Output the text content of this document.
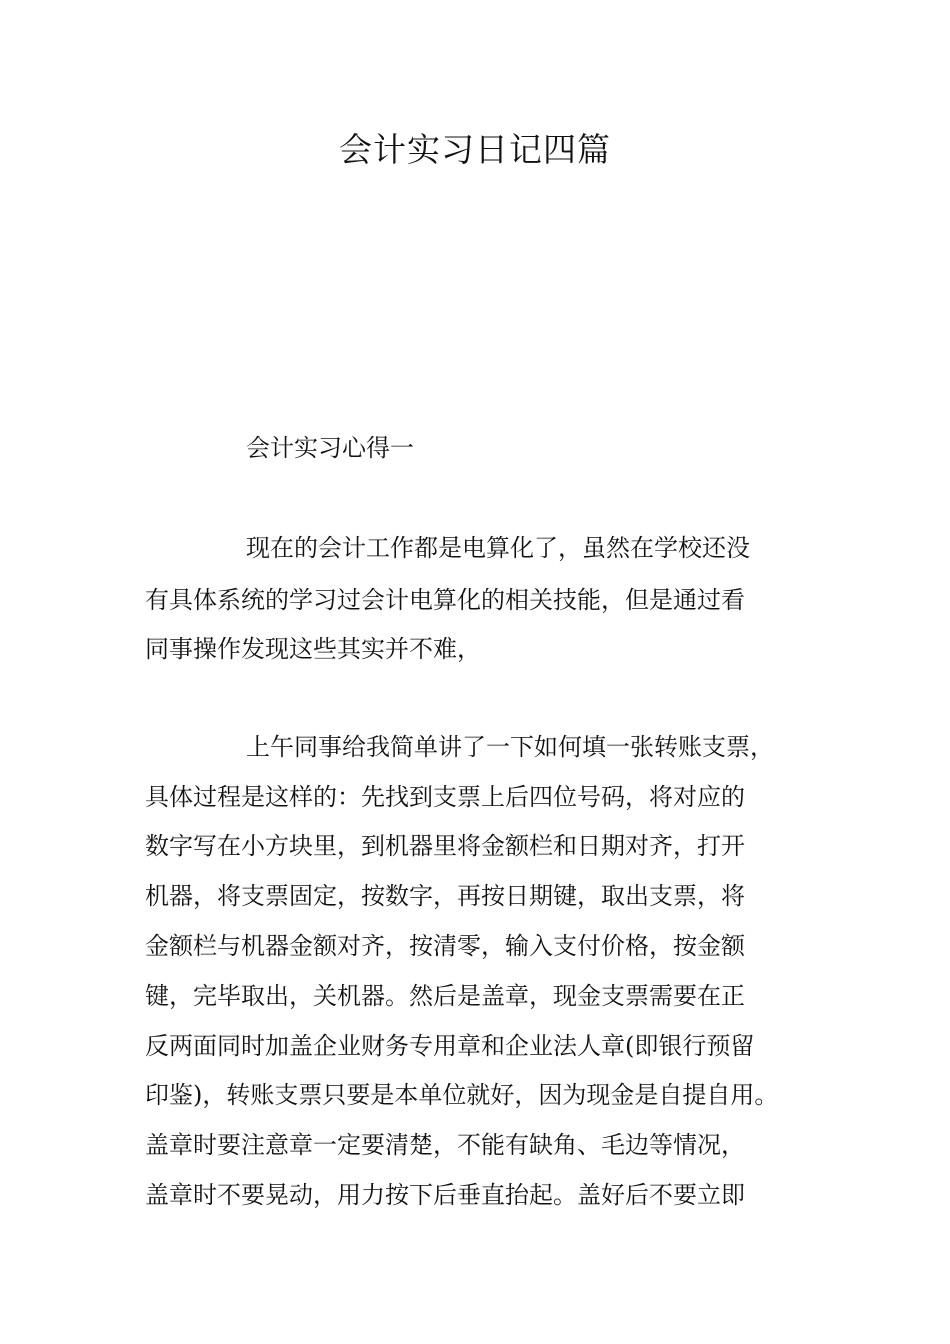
会计实习日记四篇

会计实习心得一

现在的会计工作都是电算化了，虽然在学校还没

有具体系统的学习过会计电算化的相关技能，但是通过看

同事操作发现这些其实并不难，

上午同事给我简单讲了一下如何填一张转账支票，

具体过程是这样的：先找到支票上后四位号码，将对应的

数字写在小方块里，到机器里将金额栏和日期对齐，打开

机器，将支票固定，按数字，再按日期键，取出支票，将

金额栏与机器金额对齐，按清零，输入支付价格，按金额

键，完毕取出，关机器。然后是盖章，现金支票需要在正

反两面同时加盖企业财务专用章和企业法人章(即银行预留

印鉴)，转账支票只要是本单位就好，因为现金是自提自用。

盖章时要注意章一定要清楚，不能有缺角、毛边等情况，

盖章时不要晃动，用力按下后垂直抬起。盖好后不要立即
